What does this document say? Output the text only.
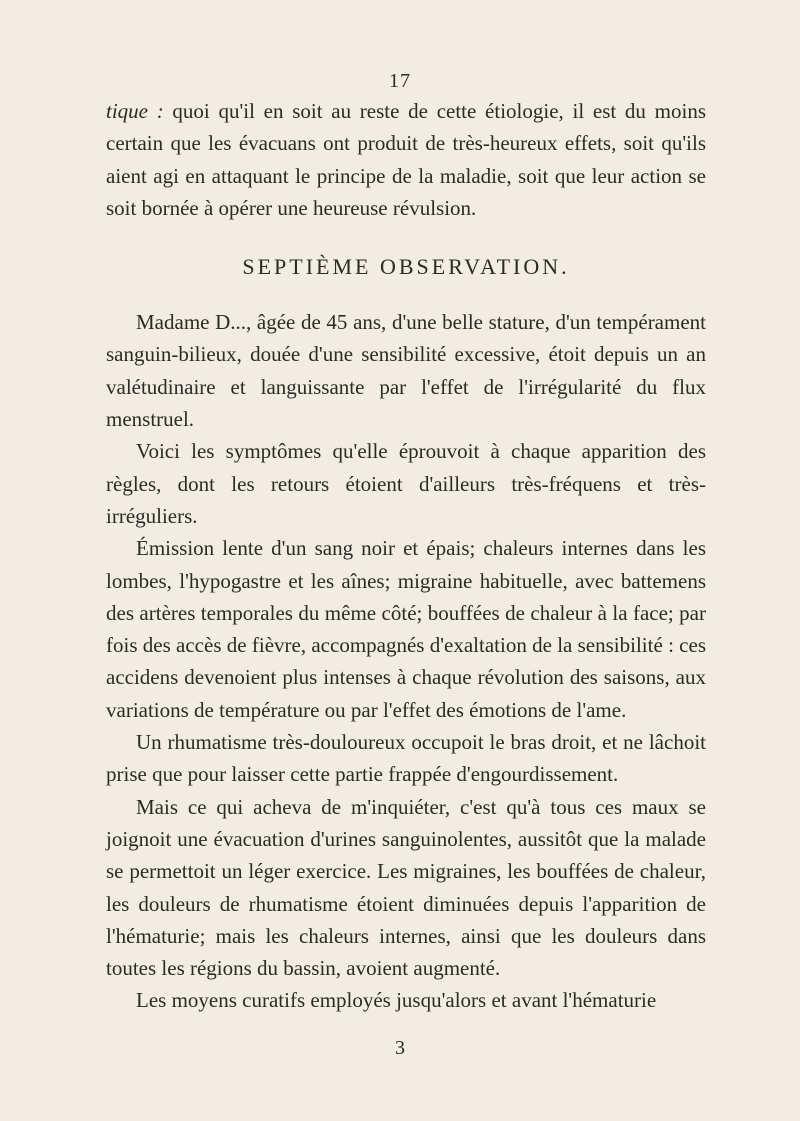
17

tique : quoi qu'il en soit au reste de cette étiologie, il est du moins certain que les évacuans ont produit de très-heureux effets, soit qu'ils aient agi en attaquant le principe de la maladie, soit que leur action se soit bornée à opérer une heureuse révulsion.

SEPTIÈME OBSERVATION.

Madame D..., âgée de 45 ans, d'une belle stature, d'un tempérament sanguin-bilieux, douée d'une sensibilité excessive, étoit depuis un an valétudinaire et languissante par l'effet de l'irrégularité du flux menstruel.

Voici les symptômes qu'elle éprouvoit à chaque apparition des règles, dont les retours étoient d'ailleurs très-fréquens et très-irréguliers.

Émission lente d'un sang noir et épais; chaleurs internes dans les lombes, l'hypogastre et les aînes; migraine habituelle, avec battemens des artères temporales du même côté; bouffées de chaleur à la face; par fois des accès de fièvre, accompagnés d'exaltation de la sensibilité : ces accidens devenoient plus intenses à chaque révolution des saisons, aux variations de température ou par l'effet des émotions de l'ame.

Un rhumatisme très-douloureux occupoit le bras droit, et ne lâchoit prise que pour laisser cette partie frappée d'engourdissement.

Mais ce qui acheva de m'inquiéter, c'est qu'à tous ces maux se joignoit une évacuation d'urines sanguinolentes, aussitôt que la malade se permettoit un léger exercice. Les migraines, les bouffées de chaleur, les douleurs de rhumatisme étoient diminuées depuis l'apparition de l'hématurie; mais les chaleurs internes, ainsi que les douleurs dans toutes les régions du bassin, avoient augmenté.

Les moyens curatifs employés jusqu'alors et avant l'hématurie

3
